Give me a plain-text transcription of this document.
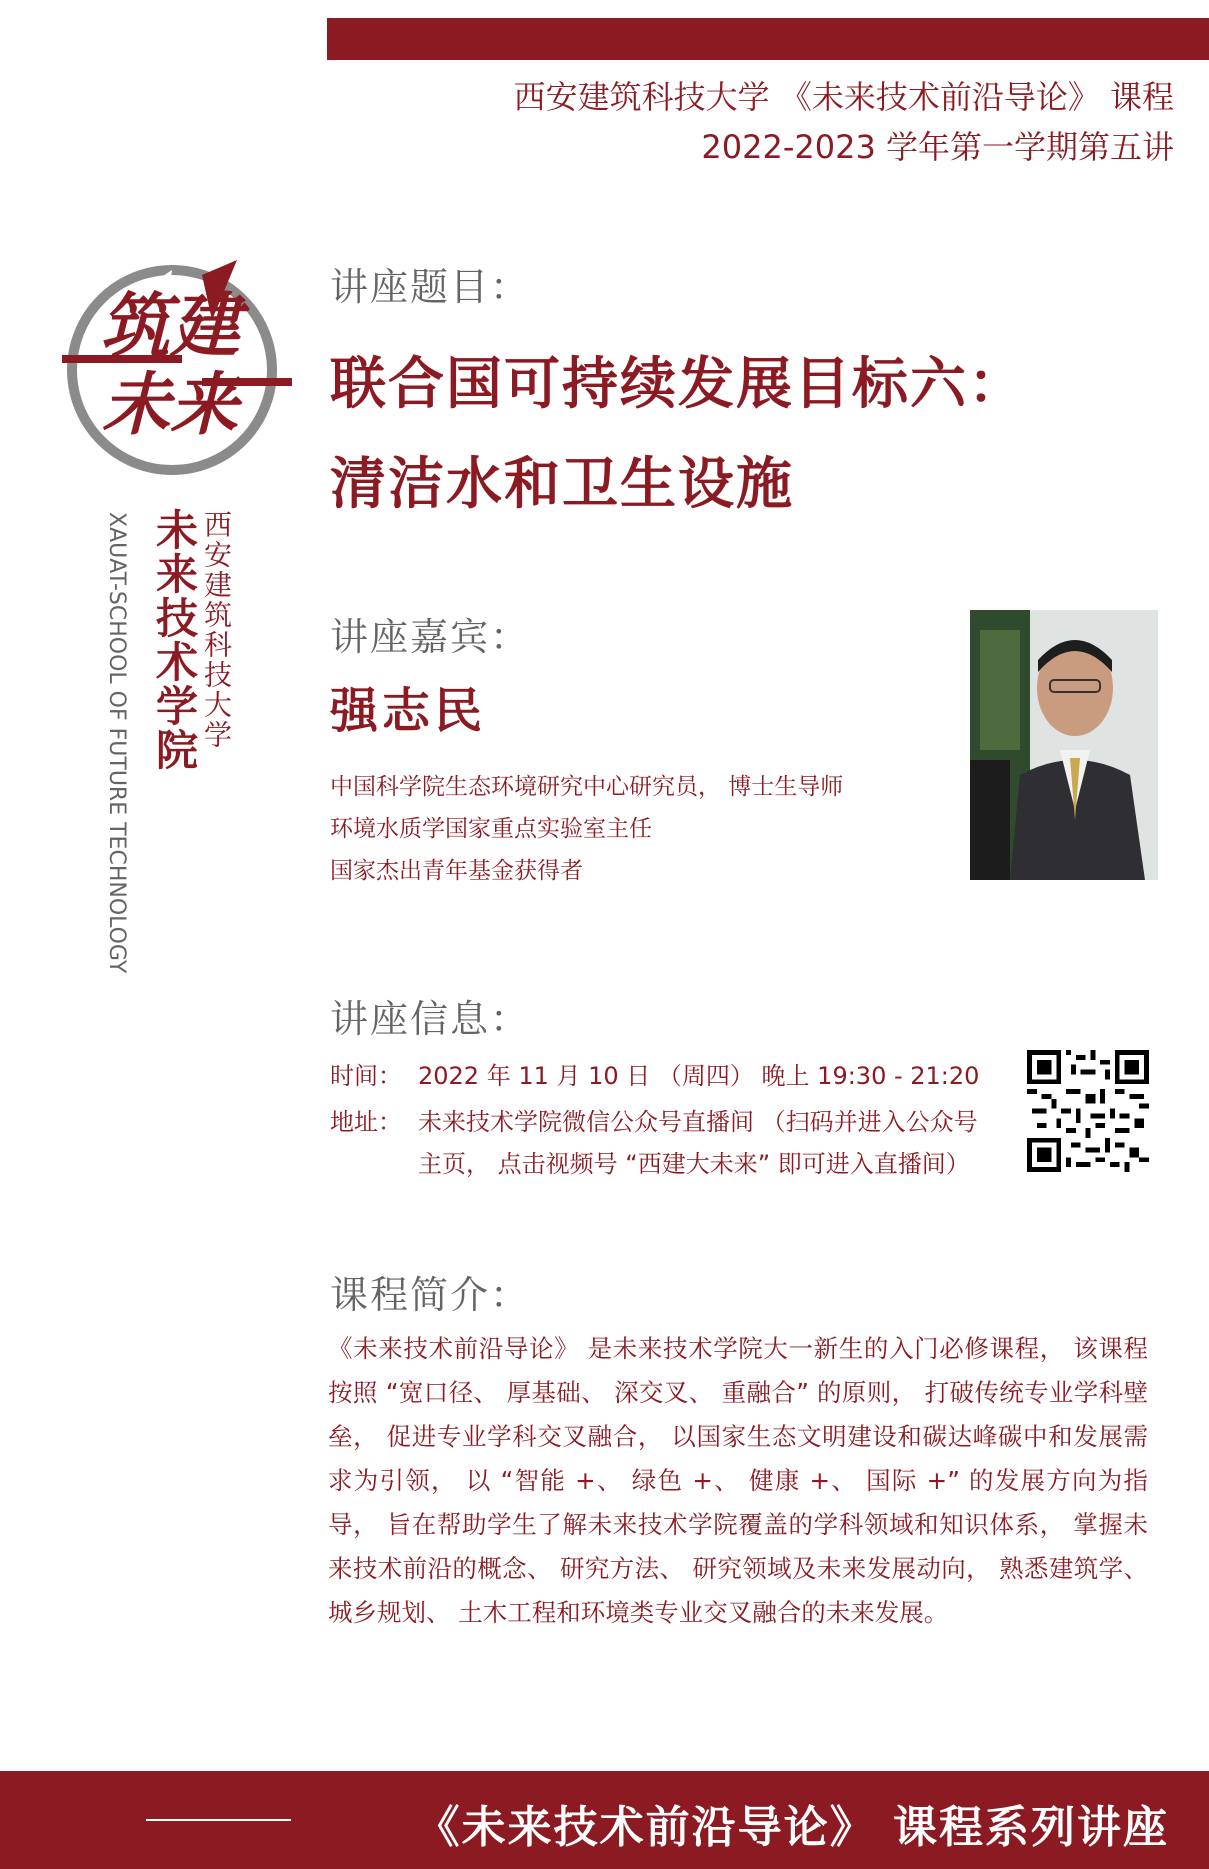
西安建筑科技大学 《未来技术前沿导论》 课程
2022-2023 学年第一学期第五讲
筑建
未来
西安建筑科技大学
未来技术学院
XAUAT-SCHOOL OF FUTURE TECHNOLOGY
讲座题目：
联合国可持续发展目标六：
清洁水和卫生设施
讲座嘉宾：
强志民
中国科学院生态环境研究中心研究员， 博士生导师
环境水质学国家重点实验室主任
国家杰出青年基金获得者
讲座信息：
时间： 2022 年 11 月 10 日 （周四） 晚上 19:30 - 21:20
地址： 未来技术学院微信公众号直播间 （扫码并进入公众号
主页， 点击视频号 “西建大未来” 即可进入直播间）
课程简介：

《未来技术前沿导论》 是未来技术学院大一新生的入门必修课程， 该课程按照 “宽口径、 厚基础、 深交叉、 重融合” 的原则， 打破传统专业学科壁垒， 促进专业学科交叉融合， 以国家生态文明建设和碳达峰碳中和发展需求为引领， 以 “智能 +、 绿色 +、 健康 +、 国际 +” 的发展方向为指导， 旨在帮助学生了解未来技术学院覆盖的学科领域和知识体系， 掌握未来技术前沿的概念、 研究方法、 研究领域及未来发展动向， 熟悉建筑学、 城乡规划、 土木工程和环境类专业交叉融合的未来发展。

《未来技术前沿导论》 课程系列讲座
